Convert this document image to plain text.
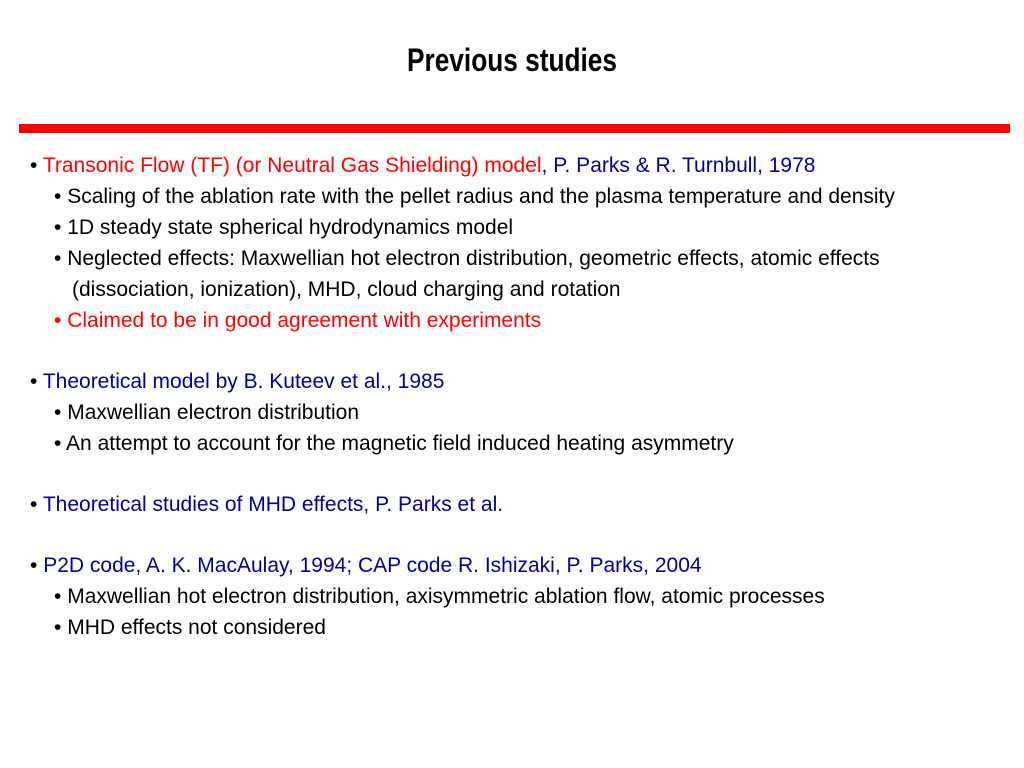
Previous studies
• Transonic Flow (TF) (or Neutral Gas Shielding) model, P. Parks & R. Turnbull, 1978
• Scaling of the ablation rate with the pellet radius and the plasma temperature and density
• 1D steady state spherical hydrodynamics model
• Neglected effects: Maxwellian hot electron distribution, geometric effects, atomic effects (dissociation, ionization), MHD, cloud charging and rotation
• Claimed to be in good agreement with experiments
• Theoretical model by B. Kuteev et al., 1985
• Maxwellian electron distribution
• An attempt to account for the magnetic field induced heating asymmetry
• Theoretical studies of MHD effects, P. Parks et al.
• P2D code, A. K. MacAulay, 1994; CAP code R. Ishizaki, P. Parks, 2004
• Maxwellian hot electron distribution, axisymmetric ablation flow, atomic processes
• MHD effects not considered
